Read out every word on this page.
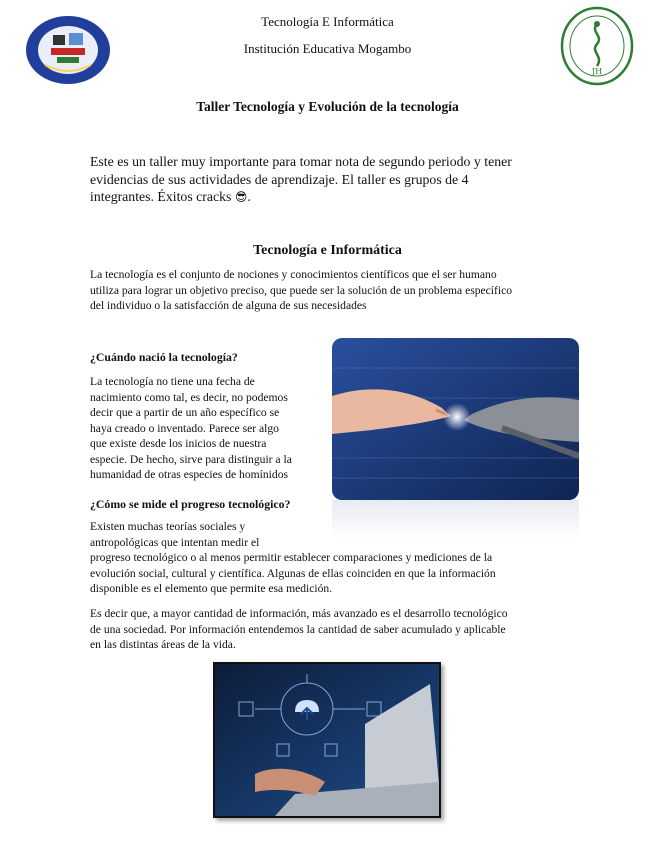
Tecnología E Informática
Institución Educativa Mogambo
JH
Taller Tecnología y Evolución de la tecnología
Este es un taller muy importante para tomar nota de segundo periodo y tener
evidencias de sus actividades de aprendizaje. El taller es grupos de 4
integrantes. Éxitos cracks 😎.
Tecnología e Informática
La tecnología es el conjunto de nociones y conocimientos científicos que el ser humano
utiliza para lograr un objetivo preciso, que puede ser la solución de un problema específico
del individuo o la satisfacción de alguna de sus necesidades
¿Cuándo nació la tecnología?
La tecnología no tiene una fecha de
nacimiento como tal, es decir, no podemos
decir que a partir de un año específico se
haya creado o inventado. Parece ser algo
que existe desde los inicios de nuestra
especie. De hecho, sirve para distinguir a la
humanidad de otras especies de homínidos
¿Cómo se mide el progreso tecnológico?
Existen muchas teorías sociales y
antropológicas que intentan medir el
progreso tecnológico o al menos permitir establecer comparaciones y mediciones de la
evolución social, cultural y científica. Algunas de ellas coinciden en que la información
disponible es el elemento que permite esa medición.
Es decir que, a mayor cantidad de información, más avanzado es el desarrollo tecnológico
de una sociedad. Por información entendemos la cantidad de saber acumulado y aplicable
en las distintas áreas de la vida.
